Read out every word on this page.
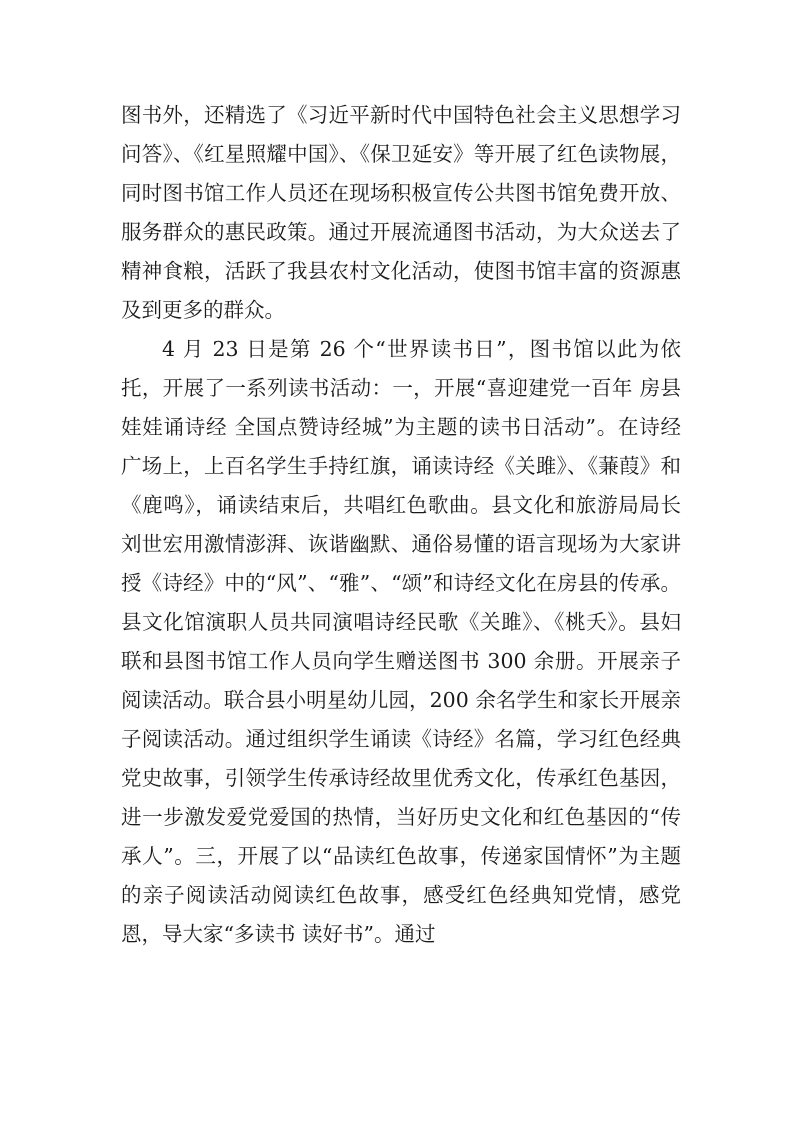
图书外，还精选了《习近平新时代中国特色社会主义思想学习问答》、《红星照耀中国》、《保卫延安》等开展了红色读物展，同时图书馆工作人员还在现场积极宣传公共图书馆免费开放、服务群众的惠民政策。通过开展流通图书活动，为大众送去了精神食粮，活跃了我县农村文化活动，使图书馆丰富的资源惠及到更多的群众。

4 月 23 日是第 26 个“世界读书日”，图书馆以此为依托，开展了一系列读书活动：一，开展“喜迎建党一百年 房县娃娃诵诗经 全国点赞诗经城”为主题的读书日活动”。在诗经广场上，上百名学生手持红旗，诵读诗经《关雎》、《蒹葭》和《鹿鸣》，诵读结束后，共唱红色歌曲。县文化和旅游局局长刘世宏用激情澎湃、诙谐幽默、通俗易懂的语言现场为大家讲授《诗经》中的“风”、“雅”、“颂”和诗经文化在房县的传承。县文化馆演职人员共同演唱诗经民歌《关雎》、《桃夭》。县妇联和县图书馆工作人员向学生赠送图书 300 余册。开展亲子阅读活动。联合县小明星幼儿园，200 余名学生和家长开展亲子阅读活动。通过组织学生诵读《诗经》名篇，学习红色经典党史故事，引领学生传承诗经故里优秀文化，传承红色基因，进一步激发爱党爱国的热情，当好历史文化和红色基因的“传承人”。三，开展了以“品读红色故事，传递家国情怀”为主题的亲子阅读活动阅读红色故事，感受红色经典知党情，感党恩，导大家“多读书 读好书”。通过
